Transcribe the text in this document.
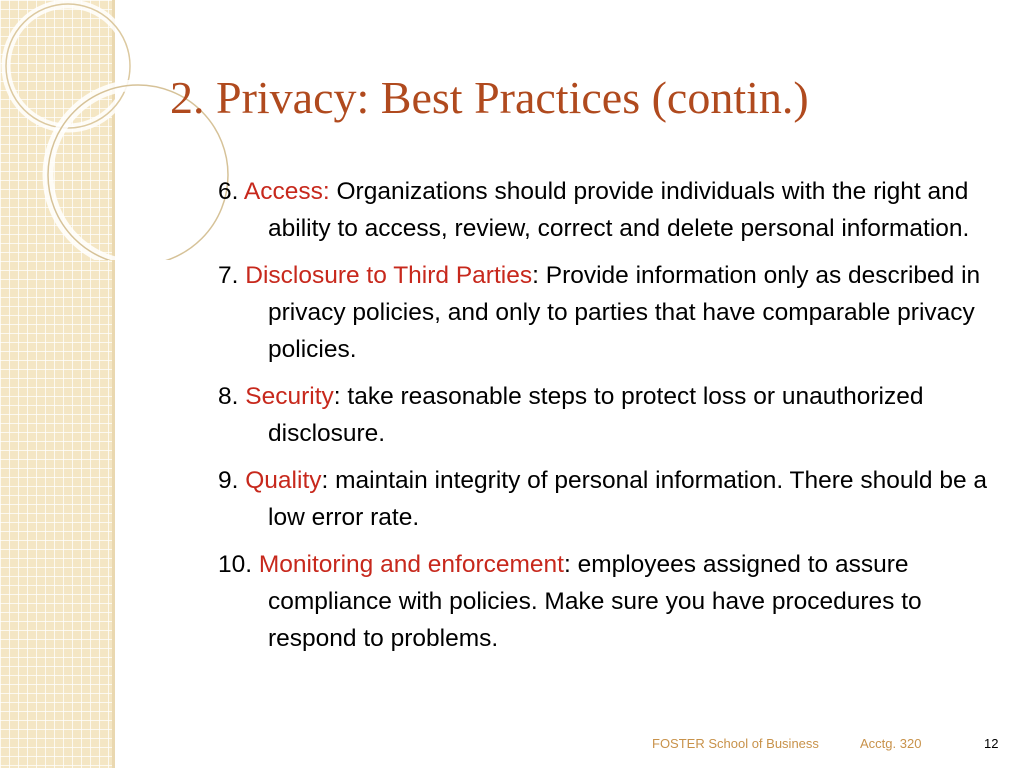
2. Privacy: Best Practices (contin.)
6. Access: Organizations should provide individuals with the right and ability to access, review, correct and delete personal information.
7. Disclosure to Third Parties: Provide information only as described in privacy policies, and only to parties that have comparable privacy policies.
8. Security: take reasonable steps to protect loss or unauthorized disclosure.
9. Quality: maintain integrity of personal information. There should be a low error rate.
10. Monitoring and enforcement: employees assigned to assure compliance with policies. Make sure you have procedures to respond to problems.
FOSTER School of Business	Acctg. 320	12
